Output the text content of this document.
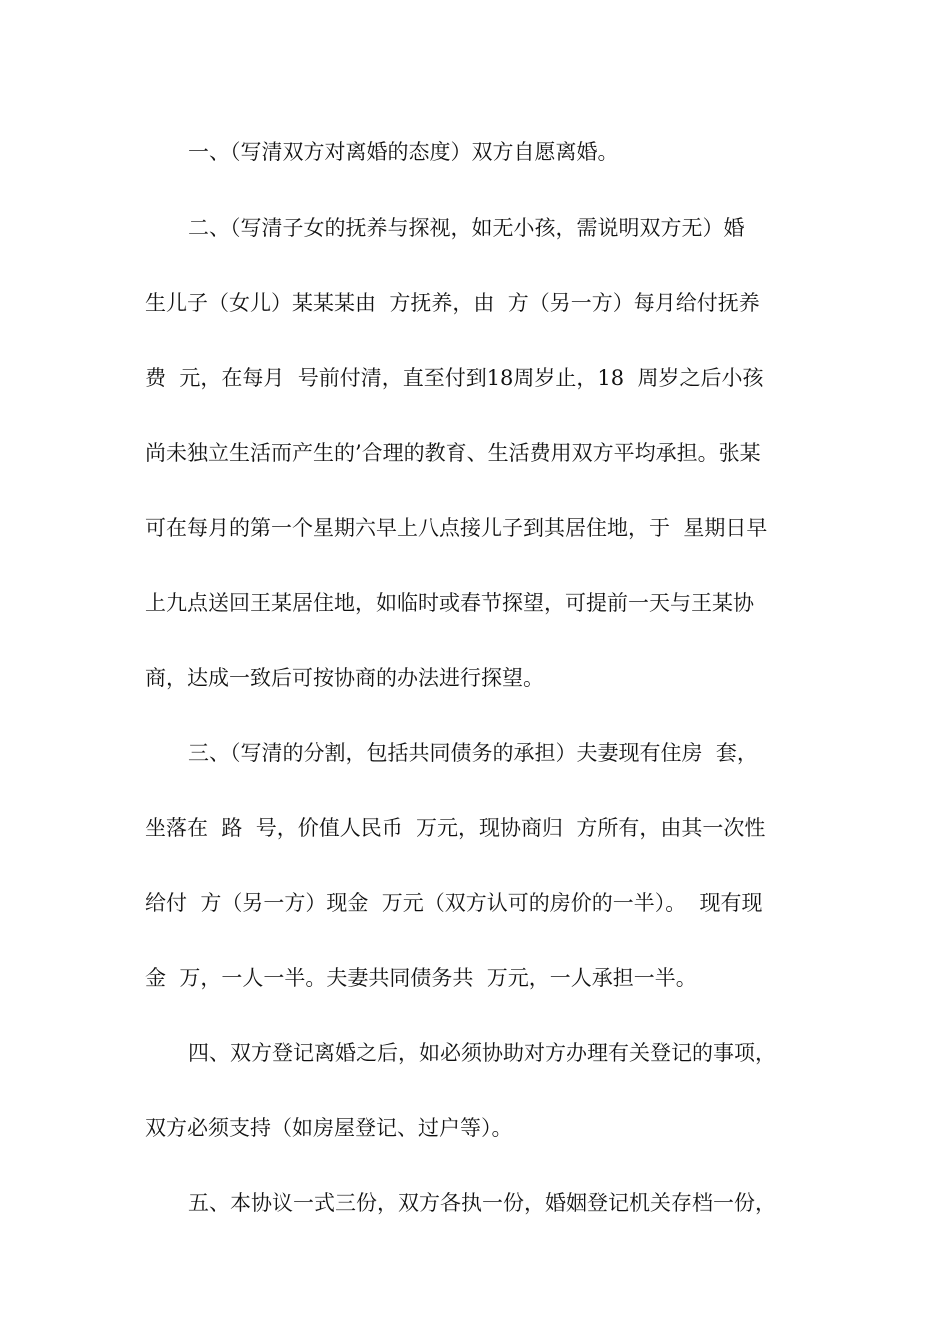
一、（写清双方对离婚的态度）双方自愿离婚。
二、（写清子女的抚养与探视，如无小孩，需说明双方无）婚
生儿子（女儿）某某某由  方抚养，由  方（另一方）每月给付抚养
费  元，在每月  号前付清，直至付到18周岁止，18  周岁之后小孩
尚未独立生活而产生的’合理的教育、生活费用双方平均承担。张某
可在每月的第一个星期六早上八点接儿子到其居住地，于  星期日早
上九点送回王某居住地，如临时或春节探望，可提前一天与王某协
商，达成一致后可按协商的办法进行探望。
三、（写清的分割，包括共同债务的承担）夫妻现有住房  套，
坐落在  路  号，价值人民币  万元，现协商归  方所有，由其一次性
给付  方（另一方）现金  万元（双方认可的房价的一半）。  现有现
金  万，一人一半。夫妻共同债务共  万元，一人承担一半。
四、双方登记离婚之后，如必须协助对方办理有关登记的事项，
双方必须支持（如房屋登记、过户等）。
五、本协议一式三份，双方各执一份，婚姻登记机关存档一份，
